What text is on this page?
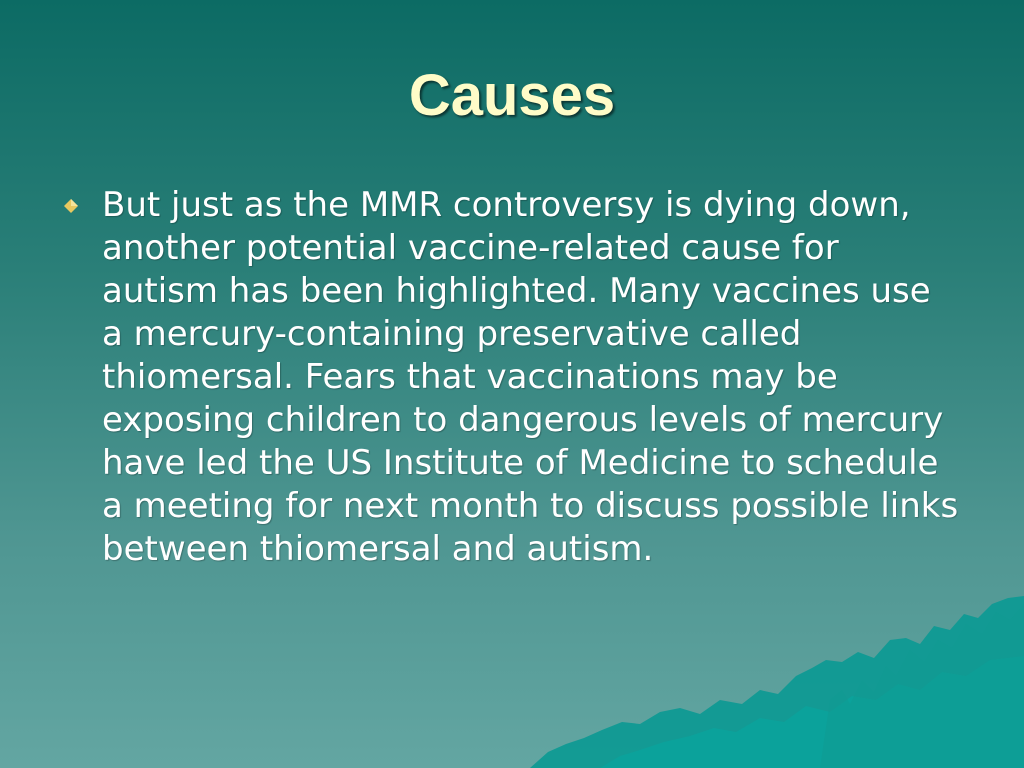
Causes
But just as the MMR controversy is dying down, another potential vaccine-related cause for autism has been highlighted. Many vaccines use a mercury-containing preservative called thiomersal. Fears that vaccinations may be exposing children to dangerous levels of mercury have led the US Institute of Medicine to schedule a meeting for next month to discuss possible links between thiomersal and autism.
